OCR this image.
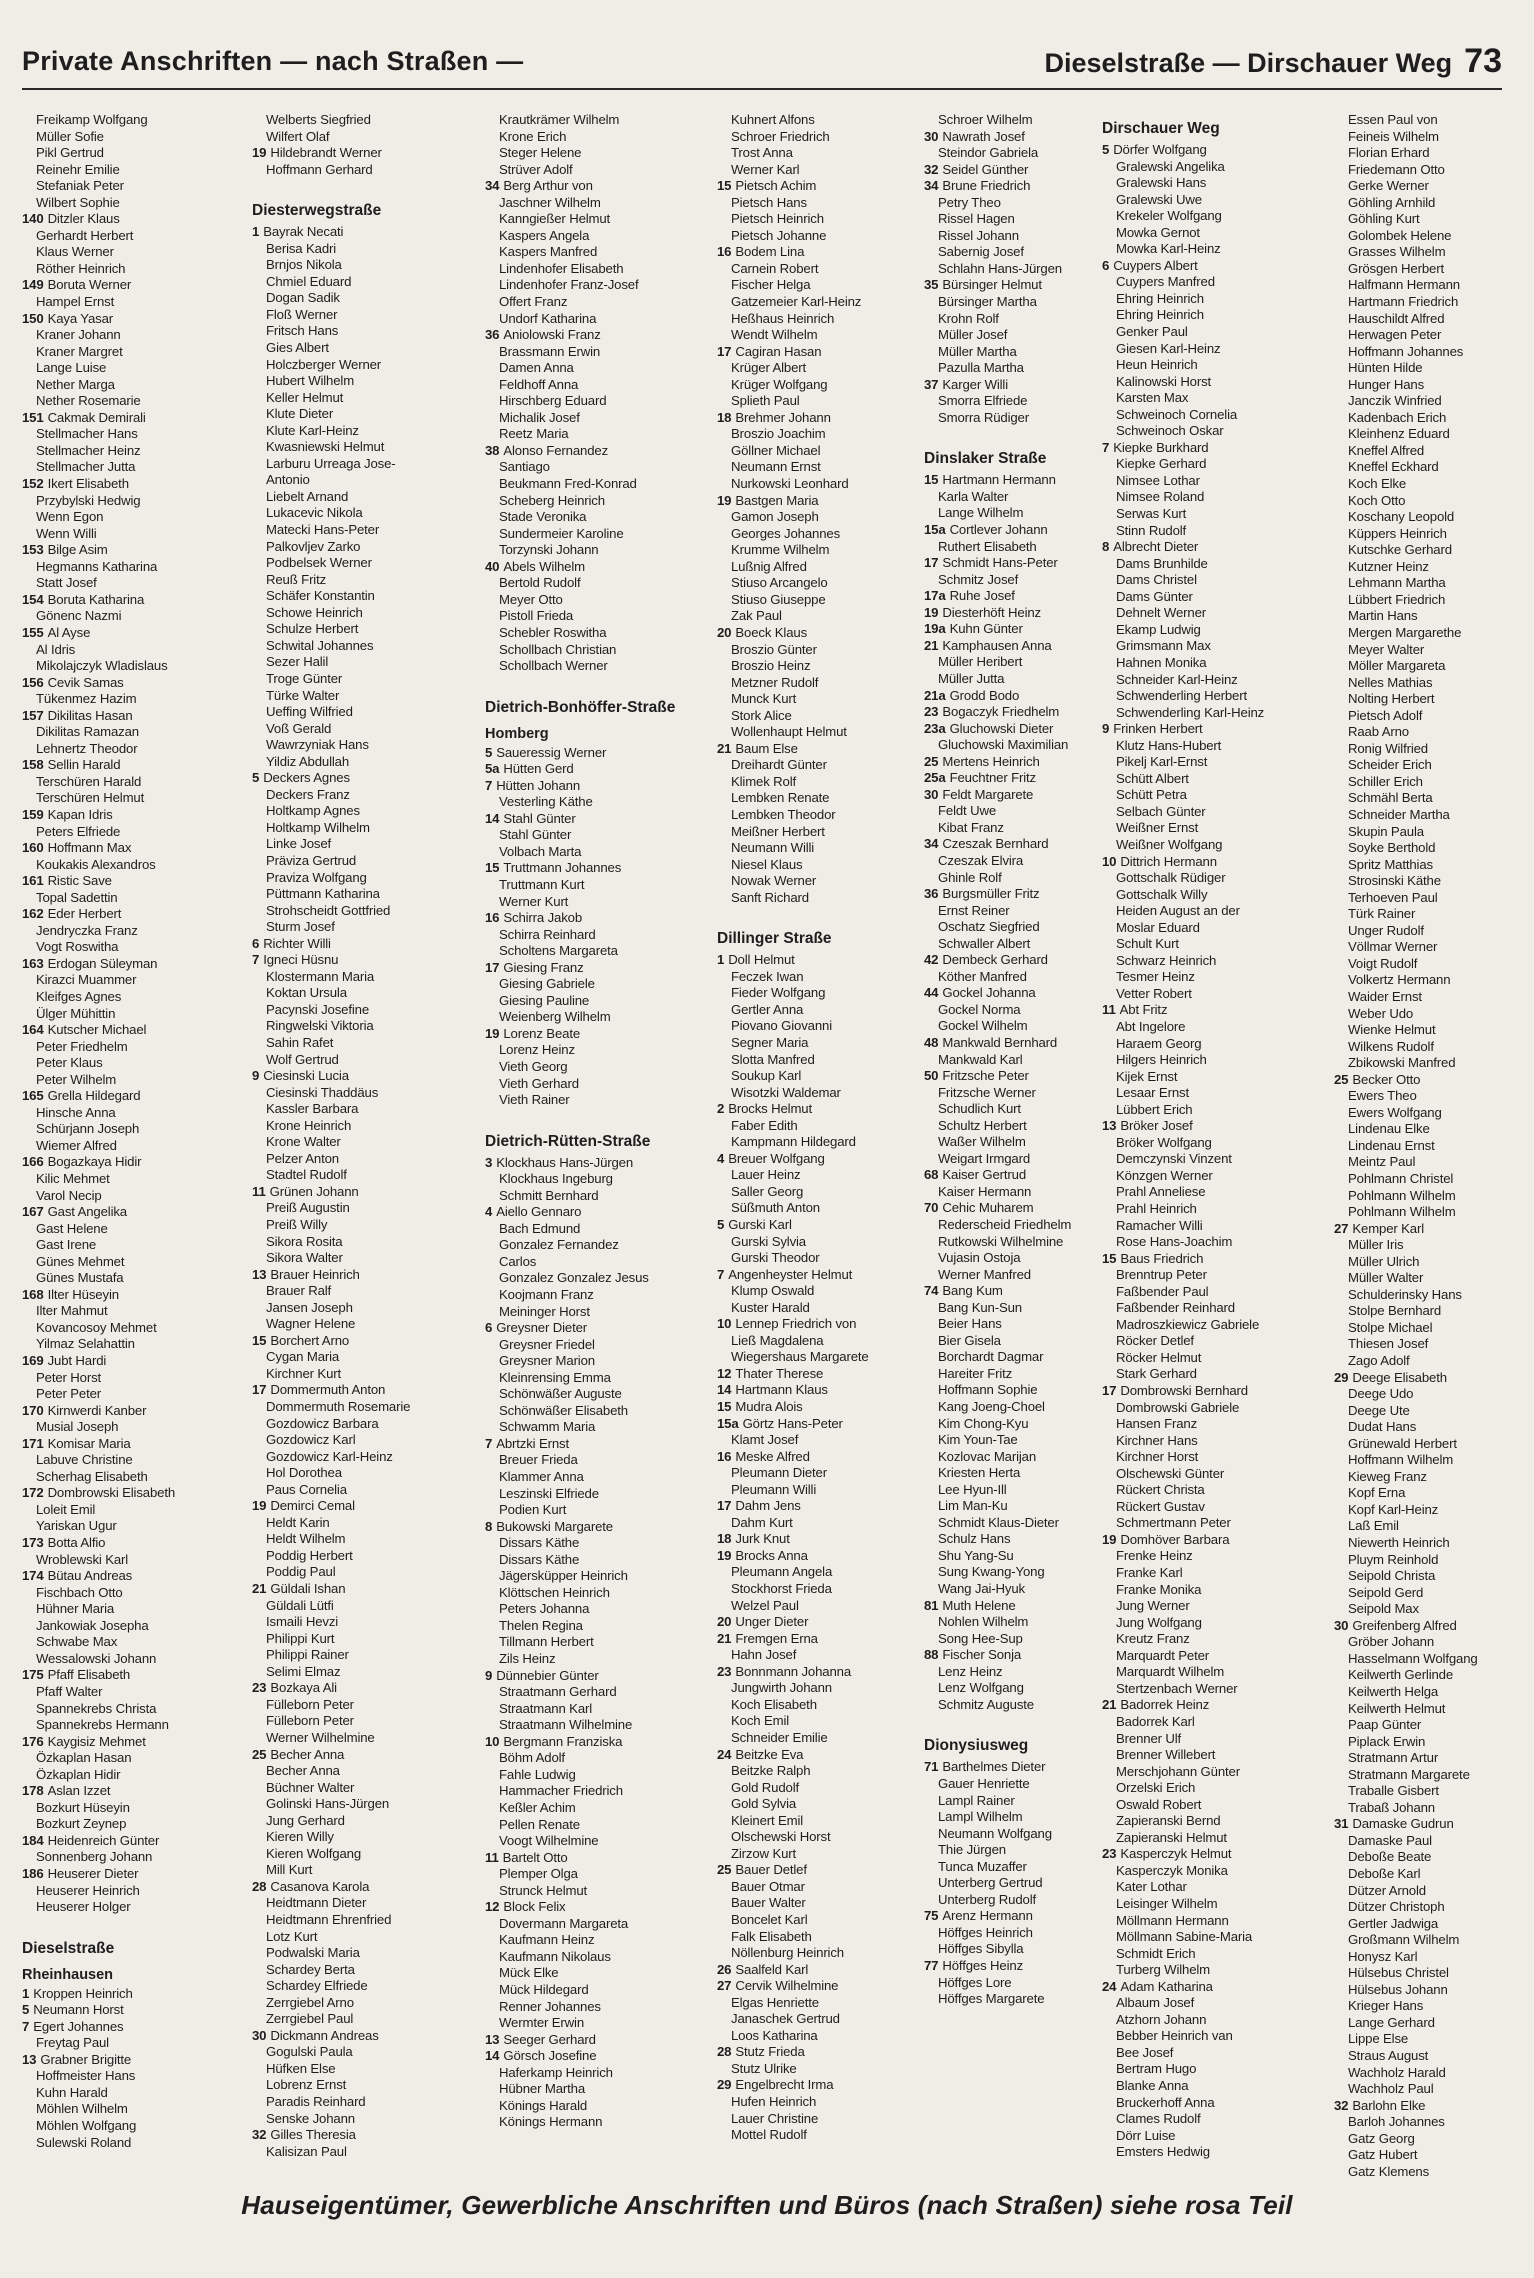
Private Anschriften — nach Straßen —	Dieselstraße — Dirschauer Weg 73
Freikamp Wolfgang
Müller Sofie
Pikl Gertrud
Reinehr Emilie
Stefaniak Peter
Wilbert Sophie
140 Ditzler Klaus
Gerhardt Herbert
Klaus Werner
Röther Heinrich
149 Boruta Werner
Hampel Ernst
150 Kaya Yasar
Kraner Johann
Kraner Margret
Lange Luise
Nether Marga
Nether Rosemarie
151 Cakmak Demirali
Stellmacher Hans
Stellmacher Heinz
Stellmacher Jutta
152 Ikert Elisabeth
Przybylski Hedwig
Wenn Egon
Wenn Willi
153 Bilge Asim
Hegmanns Katharina
Statt Josef
154 Boruta Katharina
Gönenc Nazmi
155 Al Ayse
Al Idris
Mikolajczyk Wladislaus
156 Cevik Samas
Tükenmez Hazim
157 Dikilitas Hasan
Dikilitas Ramazan
Lehnertz Theodor
158 Sellin Harald
Terschüren Harald
Terschüren Helmut
159 Kapan Idris
Peters Elfriede
160 Hoffmann Max
Koukakis Alexandros
161 Ristic Save
Topal Sadettin
162 Eder Herbert
Jendryczka Franz
Vogt Roswitha
163 Erdogan Süleyman
Kirazci Muammer
Kleifges Agnes
Ülger Mühittin
164 Kutscher Michael
Peter Friedhelm
Peter Klaus
Peter Wilhelm
165 Grella Hildegard
Hinsche Anna
Schürjann Joseph
Wiemer Alfred
166 Bogazkaya Hidir
Kilic Mehmet
Varol Necip
167 Gast Angelika
Gast Helene
Gast Irene
Günes Mehmet
Günes Mustafa
168 Ilter Hüseyin
Ilter Mahmut
Kovancosoy Mehmet
Yilmaz Selahattin
169 Jubt Hardi
Peter Horst
Peter Peter
170 Kirnwerdi Kanber
Musial Joseph
171 Komisar Maria
Labuve Christine
Scherhag Elisabeth
172 Dombrowski Elisabeth
Loleit Emil
Yariskan Ugur
173 Botta Alfio
Wroblewski Karl
174 Bütau Andreas
Fischbach Otto
Hühner Maria
Jankowiak Josepha
Schwabe Max
Wessalowski Johann
175 Pfaff Elisabeth
Pfaff Walter
Spannekrebs Christa
Spannekrebs Hermann
176 Kaygisiz Mehmet
Özkaplan Hasan
Özkaplan Hidir
178 Aslan Izzet
Bozkurt Hüseyin
Bozkurt Zeynep
184 Heidenreich Günter
Sonnenberg Johann
186 Heuserer Dieter
Heuserer Heinrich
Heuserer Holger
Dieselstraße
Rheinhausen
1 Kroppen Heinrich
5 Neumann Horst
7 Egert Johannes
Freytag Paul
13 Grabner Brigitte
Hoffmeister Hans
Kuhn Harald
Möhlen Wilhelm
Möhlen Wolfgang
Sulewski Roland
Welberts Siegfried
Wilfert Olaf
19 Hildebrandt Werner
Hoffmann Gerhard
Diesterwegstraße
1 Bayrak Necati
Berisa Kadri
Brnjos Nikola
Chmiel Eduard
Dogan Sadik
Floß Werner
Fritsch Hans
Gies Albert
Holczberger Werner
Hubert Wilhelm
Keller Helmut
Klute Dieter
Klute Karl-Heinz
Kwasniewski Helmut
Larburu Urreaga Jose-
Antonio
Liebelt Arnand
Lukacevic Nikola
Matecki Hans-Peter
Palkovljev Zarko
Podbelsek Werner
Reuß Fritz
Schäfer Konstantin
Schowe Heinrich
Schulze Herbert
Schwital Johannes
Sezer Halil
Troge Günter
Türke Walter
Ueffing Wilfried
Voß Gerald
Wawrzyniak Hans
Yildiz Abdullah
5 Deckers Agnes
Deckers Franz
Holtkamp Agnes
Holtkamp Wilhelm
Linke Josef
Präviza Gertrud
Praviza Wolfgang
Püttmann Katharina
Strohscheidt Gottfried
Sturm Josef
6 Richter Willi
7 Igneci Hüsnu
Klostermann Maria
Koktan Ursula
Pacynski Josefine
Ringwelski Viktoria
Sahin Rafet
Wolf Gertrud
9 Ciesinski Lucia
Ciesinski Thaddäus
Kassler Barbara
Krone Heinrich
Krone Walter
Pelzer Anton
Stadtel Rudolf
11 Grünen Johann
Preiß Augustin
Preiß Willy
Sikora Rosita
Sikora Walter
13 Brauer Heinrich
Brauer Ralf
Jansen Joseph
Wagner Helene
15 Borchert Arno
Cygan Maria
Kirchner Kurt
17 Dommermuth Anton
Dommermuth Rosemarie
Gozdowicz Barbara
Gozdowicz Karl
Gozdowicz Karl-Heinz
Hol Dorothea
Paus Cornelia
19 Demirci Cemal
Heldt Karin
Heldt Wilhelm
Poddig Herbert
Poddig Paul
21 Güldali Ishan
Güldali Lütfi
Ismaili Hevzi
Philippi Kurt
Philippi Rainer
Selimi Elmaz
23 Bozkaya Ali
Fülleborn Peter
Fülleborn Peter
Werner Wilhelmine
25 Becher Anna
Becher Anna
Büchner Walter
Golinski Hans-Jürgen
Jung Gerhard
Kieren Willy
Kieren Wolfgang
Mill Kurt
28 Casanova Karola
Heidtmann Dieter
Heidtmann Ehrenfried
Lotz Kurt
Podwalski Maria
Schardey Berta
Schardey Elfriede
Zerrgiebel Arno
Zerrgiebel Paul
30 Dickmann Andreas
Gogulski Paula
Hüfken Else
Lobrenz Ernst
Paradis Reinhard
Senske Johann
32 Gilles Theresia
Kalisizan Paul
Krautkrämer Wilhelm
Krone Erich
Steger Helene
Strüver Adolf
34 Berg Arthur von
Jaschner Wilhelm
Kanngießer Helmut
Kaspers Angela
Kaspers Manfred
Lindenhofer Elisabeth
Lindenhofer Franz-Josef
Offert Franz
Undorf Katharina
36 Aniolowski Franz
Brassmann Erwin
Damen Anna
Feldhoff Anna
Hirschberg Eduard
Michalik Josef
Reetz Maria
38 Alonso Fernandez
Santiago
Beukmann Fred-Konrad
Scheberg Heinrich
Stade Veronika
Sundermeier Karoline
Torzynski Johann
40 Abels Wilhelm
Bertold Rudolf
Meyer Otto
Pistoll Frieda
Schebler Roswitha
Schollbach Christian
Schollbach Werner
Dietrich-Bonhöffer-Straße
Homberg
5 Saueressig Werner
5a Hütten Gerd
7 Hütten Johann
Vesterling Käthe
14 Stahl Günter
Stahl Günter
Volbach Marta
15 Truttmann Johannes
Truttmann Kurt
Werner Kurt
16 Schirra Jakob
Schirra Reinhard
Scholtens Margareta
17 Giesing Franz
Giesing Gabriele
Giesing Pauline
Weienberg Wilhelm
19 Lorenz Beate
Lorenz Heinz
Vieth Georg
Vieth Gerhard
Vieth Rainer
Dietrich-Rütten-Straße
3 Klockhaus Hans-Jürgen
Klockhaus Ingeburg
Schmitt Bernhard
4 Aiello Gennaro
Bach Edmund
Gonzalez Fernandez
Carlos
Gonzalez Gonzalez Jesus
Koojmann Franz
Meininger Horst
6 Greysner Dieter
Greysner Friedel
Greysner Marion
Kleinrensing Emma
Schönwäßer Auguste
Schönwäßer Elisabeth
Schwamm Maria
7 Abrtzki Ernst
Breuer Frieda
Klammer Anna
Leszinski Elfriede
Podien Kurt
8 Bukowski Margarete
Dissars Käthe
Dissars Käthe
Jägersküpper Heinrich
Klöttschen Heinrich
Peters Johanna
Thelen Regina
Tillmann Herbert
Zils Heinz
9 Dünnebier Günter
Straatmann Gerhard
Straatmann Karl
Straatmann Wilhelmine
10 Bergmann Franziska
Böhm Adolf
Fahle Ludwig
Hammacher Friedrich
Keßler Achim
Pellen Renate
Voogt Wilhelmine
11 Bartelt Otto
Plemper Olga
Strunck Helmut
12 Block Felix
Dovermann Margareta
Kaufmann Heinz
Kaufmann Nikolaus
Mück Elke
Mück Hildegard
Renner Johannes
Wermter Erwin
13 Seeger Gerhard
14 Görsch Josefine
Haferkamp Heinrich
Hübner Martha
Könings Harald
Könings Hermann
Kuhnert Alfons
Schroer Friedrich
Trost Anna
Werner Karl
15 Pietsch Achim
Pietsch Hans
Pietsch Heinrich
Pietsch Johanne
16 Bodem Lina
Carnein Robert
Fischer Helga
Gatzemeier Karl-Heinz
Heßhaus Heinrich
Wendt Wilhelm
17 Cagiran Hasan
Krüger Albert
Krüger Wolfgang
Splieth Paul
18 Brehmer Johann
Broszio Joachim
Göllner Michael
Neumann Ernst
Nurkowski Leonhard
19 Bastgen Maria
Gamon Joseph
Georges Johannes
Krumme Wilhelm
Lußnig Alfred
Stiuso Arcangelo
Stiuso Giuseppe
Zak Paul
20 Boeck Klaus
Broszio Günter
Broszio Heinz
Metzner Rudolf
Munck Kurt
Stork Alice
Wollenhaupt Helmut
21 Baum Else
Dreihardt Günter
Klimek Rolf
Lembken Renate
Lembken Theodor
Meißner Herbert
Neumann Willi
Niesel Klaus
Nowak Werner
Sanft Richard
Dillinger Straße
1 Doll Helmut
Feczek Iwan
Fieder Wolfgang
Gertler Anna
Piovano Giovanni
Segner Maria
Slotta Manfred
Soukup Karl
Wisotzki Waldemar
2 Brocks Helmut
Faber Edith
Kampmann Hildegard
4 Breuer Wolfgang
Lauer Heinz
Saller Georg
Süßmuth Anton
5 Gurski Karl
Gurski Sylvia
Gurski Theodor
7 Angenheyster Helmut
Klump Oswald
Kuster Harald
10 Lennep Friedrich von
Ließ Magdalena
Wiegershaus Margarete
12 Thater Therese
14 Hartmann Klaus
15 Mudra Alois
15a Görtz Hans-Peter
Klamt Josef
16 Meske Alfred
Pleumann Dieter
Pleumann Willi
17 Dahm Jens
Dahm Kurt
18 Jurk Knut
19 Brocks Anna
Pleumann Angela
Stockhorst Frieda
Welzel Paul
20 Unger Dieter
21 Fremgen Erna
Hahn Josef
23 Bonnmann Johanna
Jungwirth Johann
Koch Elisabeth
Koch Emil
Schneider Emilie
24 Beitzke Eva
Beitzke Ralph
Gold Rudolf
Gold Sylvia
Kleinert Emil
Olschewski Horst
Zirzow Kurt
25 Bauer Detlef
Bauer Otmar
Bauer Walter
Boncelet Karl
Falk Elisabeth
Nöllenburg Heinrich
26 Saalfeld Karl
27 Cervik Wilhelmine
Elgas Henriette
Janaschek Gertrud
Loos Katharina
28 Stutz Frieda
Stutz Ulrike
29 Engelbrecht Irma
Hufen Heinrich
Lauer Christine
Mottel Rudolf
Schroer Wilhelm
30 Nawrath Josef
Steindor Gabriela
32 Seidel Günther
34 Brune Friedrich
Petry Theo
Rissel Hagen
Rissel Johann
Sabernig Josef
Schlahn Hans-Jürgen
35 Bürsinger Helmut
Bürsinger Martha
Krohn Rolf
Müller Josef
Müller Martha
Pazulla Martha
37 Karger Willi
Smorra Elfriede
Smorra Rüdiger
Dinslaker Straße
15 Hartmann Hermann
Karla Walter
Lange Wilhelm
15a Cortlever Johann
Ruthert Elisabeth
17 Schmidt Hans-Peter
Schmitz Josef
17a Ruhe Josef
19 Diesterhöft Heinz
19a Kuhn Günter
21 Kamphausen Anna
Müller Heribert
Müller Jutta
21a Grodd Bodo
23 Bogaczyk Friedhelm
23a Gluchowski Dieter
Gluchowski Maximilian
25 Mertens Heinrich
25a Feuchtner Fritz
30 Feldt Margarete
Feldt Uwe
Kibat Franz
34 Czeszak Bernhard
Czeszak Elvira
Ghinle Rolf
36 Burgsmüller Fritz
Ernst Reiner
Oschatz Siegfried
Schwaller Albert
42 Dembeck Gerhard
Köther Manfred
44 Gockel Johanna
Gockel Norma
Gockel Wilhelm
48 Mankwald Bernhard
Mankwald Karl
50 Fritzsche Peter
Fritzsche Werner
Schudlich Kurt
Schultz Herbert
Waßer Wilhelm
Weigart Irmgard
68 Kaiser Gertrud
Kaiser Hermann
70 Cehic Muharem
Rederscheid Friedhelm
Rutkowski Wilhelmine
Vujasin Ostoja
Werner Manfred
74 Bang Kum
Bang Kun-Sun
Beier Hans
Bier Gisela
Borchardt Dagmar
Hareiter Fritz
Hoffmann Sophie
Kang Joeng-Choel
Kim Chong-Kyu
Kim Youn-Tae
Kozlovac Marijan
Kriesten Herta
Lee Hyun-Ill
Lim Man-Ku
Schmidt Klaus-Dieter
Schulz Hans
Shu Yang-Su
Sung Kwang-Yong
Wang Jai-Hyuk
81 Muth Helene
Nohlen Wilhelm
Song Hee-Sup
88 Fischer Sonja
Lenz Heinz
Lenz Wolfgang
Schmitz Auguste
Dionysiusweg
71 Barthelmes Dieter
Gauer Henriette
Lampl Rainer
Lampl Wilhelm
Neumann Wolfgang
Thie Jürgen
Tunca Muzaffer
Unterberg Gertrud
Unterberg Rudolf
75 Arenz Hermann
Höffges Heinrich
Höffges Sibylla
77 Höffges Heinz
Höffges Lore
Höffges Margarete
Dirschauer Weg
5 Dörfer Wolfgang
Gralewski Angelika
Gralewski Hans
Gralewski Uwe
Krekeler Wolfgang
Mowka Gernot
Mowka Karl-Heinz
6 Cuypers Albert
Cuypers Manfred
Ehring Heinrich
Ehring Heinrich
Genker Paul
Giesen Karl-Heinz
Heun Heinrich
Kalinowski Horst
Karsten Max
Schweinoch Cornelia
Schweinoch Oskar
7 Kiepke Burkhard
Kiepke Gerhard
Nimsee Lothar
Nimsee Roland
Serwas Kurt
Stinn Rudolf
8 Albrecht Dieter
Dams Brunhilde
Dams Christel
Dams Günter
Dehnelt Werner
Ekamp Ludwig
Grimsmann Max
Hahnen Monika
Schneider Karl-Heinz
Schwenderling Herbert
Schwenderling Karl-Heinz
9 Frinken Herbert
Klutz Hans-Hubert
Pikelj Karl-Ernst
Schütt Albert
Schütt Petra
Selbach Günter
Weißner Ernst
Weißner Wolfgang
10 Dittrich Hermann
Gottschalk Rüdiger
Gottschalk Willy
Heiden August an der
Moslar Eduard
Schult Kurt
Schwarz Heinrich
Tesmer Heinz
Vetter Robert
11 Abt Fritz
Abt Ingelore
Haraem Georg
Hilgers Heinrich
Kijek Ernst
Lesaar Ernst
Lübbert Erich
13 Bröker Josef
Bröker Wolfgang
Demczynski Vinzent
Könzgen Werner
Prahl Anneliese
Prahl Heinrich
Ramacher Willi
Rose Hans-Joachim
15 Baus Friedrich
Brenntrup Peter
Faßbender Paul
Faßbender Reinhard
Madroszkiewicz Gabriele
Röcker Detlef
Röcker Helmut
Stark Gerhard
17 Dombrowski Bernhard
Dombrowski Gabriele
Hansen Franz
Kirchner Hans
Kirchner Horst
Olschewski Günter
Rückert Christa
Rückert Gustav
Schmertmann Peter
19 Domhöver Barbara
Frenke Heinz
Franke Karl
Franke Monika
Jung Werner
Jung Wolfgang
Kreutz Franz
Marquardt Peter
Marquardt Wilhelm
Stertzenbach Werner
21 Badorrek Heinz
Badorrek Karl
Brenner Ulf
Brenner Willebert
Merschjohann Günter
Orzelski Erich
Oswald Robert
Zapieranski Bernd
Zapieranski Helmut
23 Kasperczyk Helmut
Kasperczyk Monika
Kater Lothar
Leisinger Wilhelm
Möllmann Hermann
Möllmann Sabine-Maria
Schmidt Erich
Turberg Wilhelm
24 Adam Katharina
Albaum Josef
Atzhorn Johann
Bebber Heinrich van
Bee Josef
Bertram Hugo
Blanke Anna
Bruckerhoff Anna
Clames Rudolf
Dörr Luise
Emsters Hedwig
Essen Paul von
Feineis Wilhelm
Florian Erhard
Friedemann Otto
Gerke Werner
Göhling Arnhild
Göhling Kurt
Golombek Helene
Grasses Wilhelm
Grösgen Herbert
Halfmann Hermann
Hartmann Friedrich
Hauschildt Alfred
Herwagen Peter
Hoffmann Johannes
Hünten Hilde
Hunger Hans
Janczik Winfried
Kadenbach Erich
Kleinhenz Eduard
Kneffel Alfred
Kneffel Eckhard
Koch Elke
Koch Otto
Koschany Leopold
Küppers Heinrich
Kutschke Gerhard
Kutzner Heinz
Lehmann Martha
Lübbert Friedrich
Martin Hans
Mergen Margarethe
Meyer Walter
Möller Margareta
Nelles Mathias
Nolting Herbert
Pietsch Adolf
Raab Arno
Ronig Wilfried
Scheider Erich
Schiller Erich
Schmähl Berta
Schneider Martha
Skupin Paula
Soyke Berthold
Spritz Matthias
Strosinski Käthe
Terhoeven Paul
Türk Rainer
Unger Rudolf
Völlmar Werner
Voigt Rudolf
Volkertz Hermann
Waider Ernst
Weber Udo
Wienke Helmut
Wilkens Rudolf
Zbikowski Manfred
25 Becker Otto
Ewers Theo
Ewers Wolfgang
Lindenau Elke
Lindenau Ernst
Meintz Paul
Pohlmann Christel
Pohlmann Wilhelm
Pohlmann Wilhelm
27 Kemper Karl
Müller Iris
Müller Ulrich
Müller Walter
Schulderinsky Hans
Stolpe Bernhard
Stolpe Michael
Thiesen Josef
Zago Adolf
29 Deege Elisabeth
Deege Udo
Deege Ute
Dudat Hans
Grünewald Herbert
Hoffmann Wilhelm
Kieweg Franz
Kopf Erna
Kopf Karl-Heinz
Laß Emil
Niewerth Heinrich
Pluym Reinhold
Seipold Christa
Seipold Gerd
Seipold Max
30 Greifenberg Alfred
Gröber Johann
Hasselmann Wolfgang
Keilwerth Gerlinde
Keilwerth Helga
Keilwerth Helmut
Paap Günter
Piplack Erwin
Stratmann Artur
Stratmann Margarete
Traballe Gisbert
Trabaß Johann
31 Damaske Gudrun
Damaske Paul
Deboße Beate
Deboße Karl
Dützer Arnold
Dützer Christoph
Gertler Jadwiga
Großmann Wilhelm
Honysz Karl
Hülsebus Christel
Hülsebus Johann
Krieger Hans
Lange Gerhard
Lippe Else
Straus August
Wachholz Harald
Wachholz Paul
32 Barlohn Elke
Barloh Johannes
Gatz Georg
Gatz Hubert
Gatz Klemens
Hauseigentümer, Gewerbliche Anschriften und Büros (nach Straßen) siehe rosa Teil
